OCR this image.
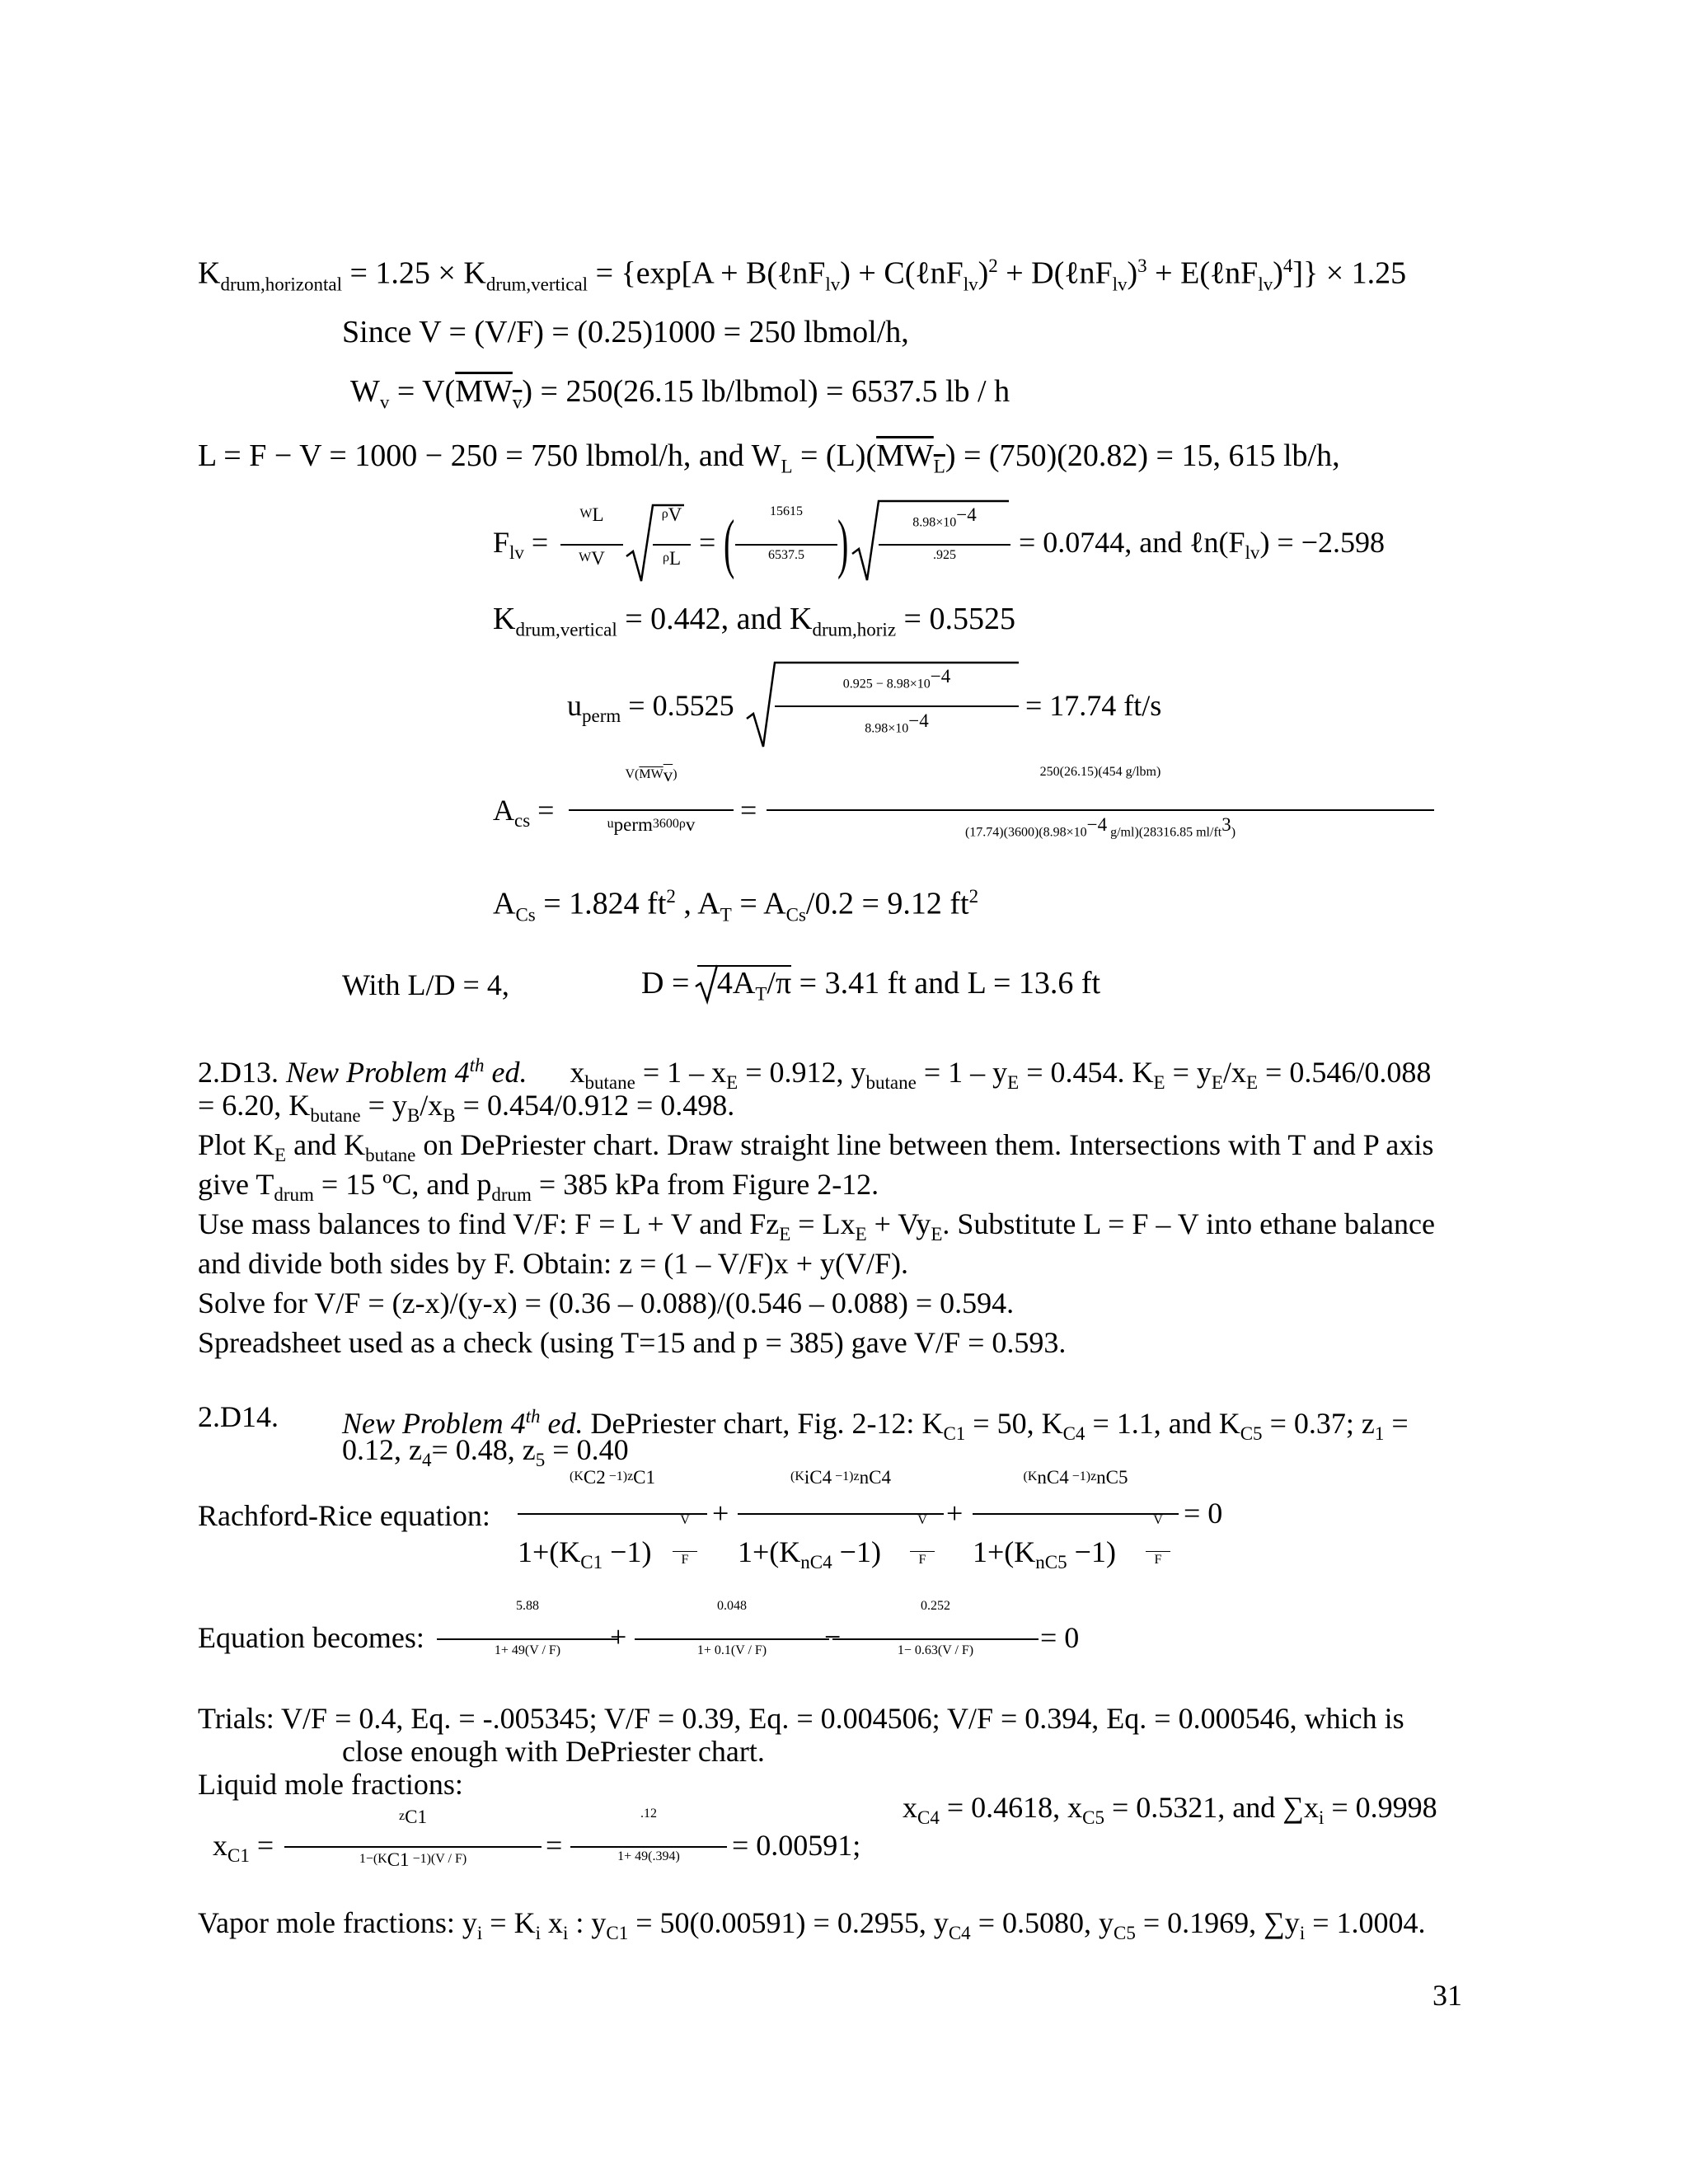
$K_{drum,horizontal} = 1.25 \times K_{drum,vertical} = \{\exp[A$ + B(ℓnF$_{lv}$) + C(ℓnF$_{lv}$)$^2$ + D(ℓnF$_{lv}$)$^3$ + E(ℓnF$_{lv}$)$^4$]} × 1.25
Since V = (V/F) = (0.25)1000 = 250 lbmol/h,
$W_v = V(MW_v) = 250(26.15$ lb/lbmol) = 6537.5 lb / h
L = F − V = 1000 − 250 = 750 lbmol/h, and $W_L = (L)(MW_L) = (750)(20.82) = 15$, 615 lb/h,
$F_{lv}$ =
$W_L$
$W_V$
$\rho_V$
$\rho_L$ = (	15615
6537.5 )	$8.98\times 10^{-4}$
.925	= 0.0744, and $\ell n(F_{lv}) = -2.598$
$K_{drum,vertical} = 0.442$, and $K_{drum,horiz} = 0.5525$
$u_{perm} = 0.5525$
$0.925 - 8.98\times 10^{-4}$
$8.98\times 10^{-4}$	= 17.74 ft/s
$A_{cs}$ =
$V(MW_v)$
$u_{perm}3600\rho_v$	=
250(26.15)(454 g/lbm)
$(17.74)(3600)(8.98\times 10^{-4}$ g/ml)(28316.85 $ml/ft^3$)
$A_{Cs} = 1.824$ $ft^2$ , $A_T = A_{Cs}/0.2 = 9.12$ $ft^2$
With L/D = 4,	D =
$4A_T/\pi = 3.41$ ft and L = 13.6 ft
2.D13. New Problem 4th ed. $x_{butane} = 1 - x_E = 0.912$, $y_{butane} = 1 - y_E = 0.454$. $K_E = y_E/x_E = 0.546/0.088$
= 6.20, $K_{butane} = y_B/x_B = 0.454/0.912 = 0.498$.
Plot $K_E$ and $K_{butane}$ on DePriester chart. Draw straight line between them. Intersections with T and P axis
give $T_{drum} = 15$ ºC, and $p_{drum} = 385$ kPa from Figure 2-12.
Use mass balances to find V/F: F = L + V and $Fz_E = Lx_E + Vy_E$. Substitute L = F – V into ethane balance
and divide both sides by F. Obtain: z = (1 – V/F)x + y(V/F).
Solve for V/F = (z-x)/(y-x) = (0.36 – 0.088)/(0.546 – 0.088) = 0.594.
Spreadsheet used as a check (using T=15 and p = 385) gave V/F = 0.593.
2.D14. New Problem 4th ed. DePriester chart, Fig. 2-12: $K_{C1} = 50$, $K_{C4} = 1.1$, and $K_{C5} = 0.37$; $z_1$ =
0.12, $z_4= 0.48$, $z_5 = 0.40$
Rachford-Rice equation:
$(K_{C2} -1)z_{C1}$
$1+(K_{C1} -1)$
V
F
+
$(K_{iC4} -1)z_{nC4}$
$1+(K_{nC4} -1)$
V
F
+
$(K_{nC4} -1)z_{nC5}$
$1+(K_{nC5} -1)$
V
F
= 0
Equation becomes:
5.88
1+ 49(V / F)	+
0.048
1+ 0.1(V / F)	−
0.252
1− 0.63(V / F)	= 0
Trials: V/F = 0.4, Eq. = -.005345; V/F = 0.39, Eq. = 0.004506; V/F = 0.394, Eq. = 0.000546, which is
close enough with DePriester chart.
Liquid mole fractions:
$x_{C1}$ =
$z_{C1}$
$1-(K_{C1} -1)(V / F)$	=
.12
1+ 49(.394)	= 0.00591;
$x_{C4} = 0.4618$, $x_{C5} = 0.5321$, and $\sum x_i = 0.9998$
Vapor mole fractions: $y_i = K_i$ $x_i$ : $y_{C1} = 50(0.00591) = 0.2955$, $y_{C4} = 0.5080$, $y_{C5} = 0.1969$, $\sum y_i = 1.0004$.
31
